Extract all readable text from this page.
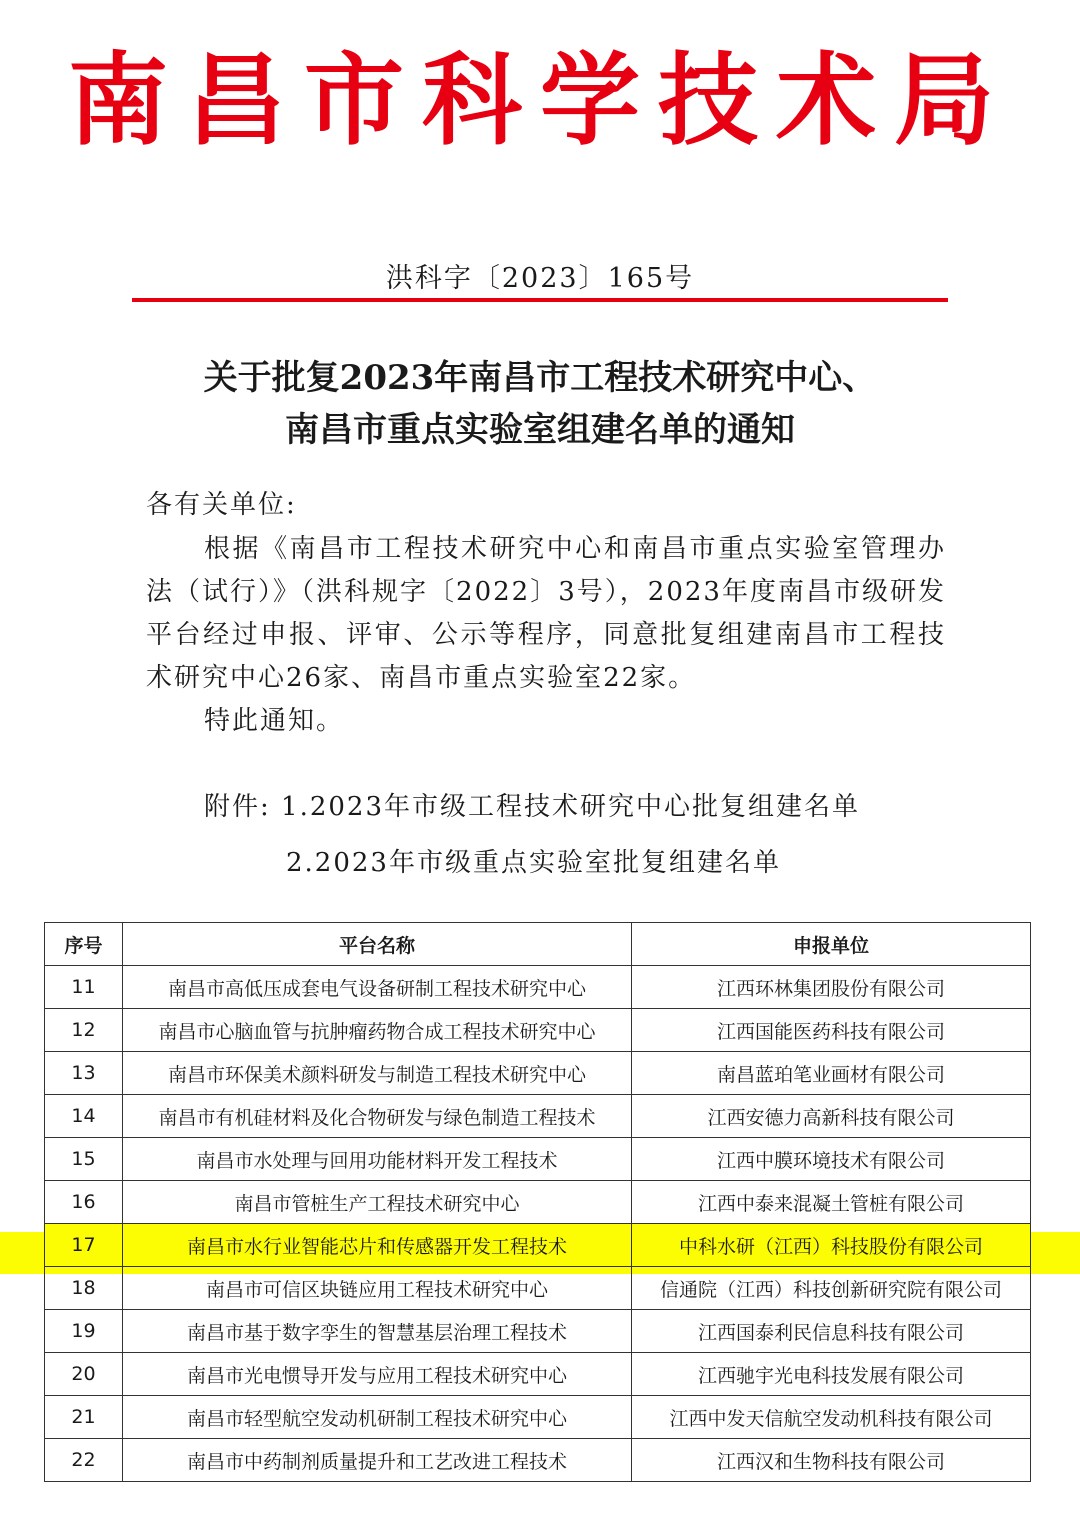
南昌市科学技术局
洪科字〔2023〕165号
关于批复2023年南昌市工程技术研究中心、
南昌市重点实验室组建名单的通知
各有关单位:
根据《南昌市工程技术研究中心和南昌市重点实验室管理办法（试行）》（洪科规字〔2022〕3号），2023年度南昌市级研发平台经过申报、评审、公示等程序，同意批复组建南昌市工程技术研究中心26家、南昌市重点实验室22家。
特此通知。
附件: 1.2023年市级工程技术研究中心批复组建名单
2.2023年市级重点实验室批复组建名单
序号	平台名称	申报单位
11	南昌市高低压成套电气设备研制工程技术研究中心	江西环林集团股份有限公司
12	南昌市心脑血管与抗肿瘤药物合成工程技术研究中心	江西国能医药科技有限公司
13	南昌市环保美术颜料研发与制造工程技术研究中心	南昌蓝珀笔业画材有限公司
14	南昌市有机硅材料及化合物研发与绿色制造工程技术	江西安德力高新科技有限公司
15	南昌市水处理与回用功能材料开发工程技术	江西中膜环境技术有限公司
16	南昌市管桩生产工程技术研究中心	江西中泰来混凝土管桩有限公司
17	南昌市水行业智能芯片和传感器开发工程技术	中科水研（江西）科技股份有限公司
18	南昌市可信区块链应用工程技术研究中心	信通院（江西）科技创新研究院有限公司
19	南昌市基于数字孪生的智慧基层治理工程技术	江西国泰利民信息科技有限公司
20	南昌市光电惯导开发与应用工程技术研究中心	江西驰宇光电科技发展有限公司
21	南昌市轻型航空发动机研制工程技术研究中心	江西中发天信航空发动机科技有限公司
22	南昌市中药制剂质量提升和工艺改进工程技术	江西汉和生物科技有限公司
